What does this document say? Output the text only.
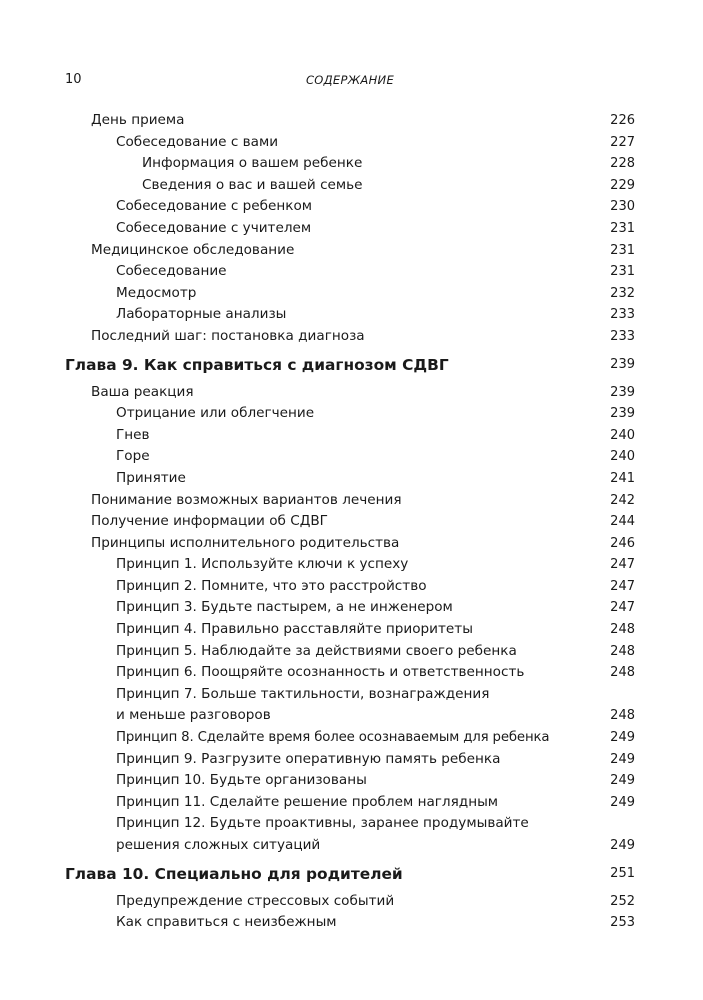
10	СОДЕРЖАНИЕ
День приема	226
Собеседование с вами	227
Информация о вашем ребенке	228
Сведения о вас и вашей семье	229
Собеседование с ребенком	230
Собеседование с учителем	231
Медицинское обследование	231
Собеседование	231
Медосмотр	232
Лабораторные анализы	233
Последний шаг: постановка диагноза	233
Глава 9. Как справиться с диагнозом СДВГ	239
Ваша реакция	239
Отрицание или облегчение	239
Гнев	240
Горе	240
Принятие	241
Понимание возможных вариантов лечения	242
Получение информации об СДВГ	244
Принципы исполнительного родительства	246
Принцип 1. Используйте ключи к успеху	247
Принцип 2. Помните, что это расстройство	247
Принцип 3. Будьте пастырем, а не инженером	247
Принцип 4. Правильно расставляйте приоритеты	248
Принцип 5. Наблюдайте за действиями своего ребенка	248
Принцип 6. Поощряйте осознанность и ответственность	248
Принцип 7. Больше тактильности, вознаграждения
и меньше разговоров	248
Принцип 8. Сделайте время более осознаваемым для ребенка	249
Принцип 9. Разгрузите оперативную память ребенка	249
Принцип 10. Будьте организованы	249
Принцип 11. Сделайте решение проблем наглядным	249
Принцип 12. Будьте проактивны, заранее продумывайте
решения сложных ситуаций	249
Глава 10. Специально для родителей	251
Предупреждение стрессовых событий	252
Как справиться с неизбежным	253
